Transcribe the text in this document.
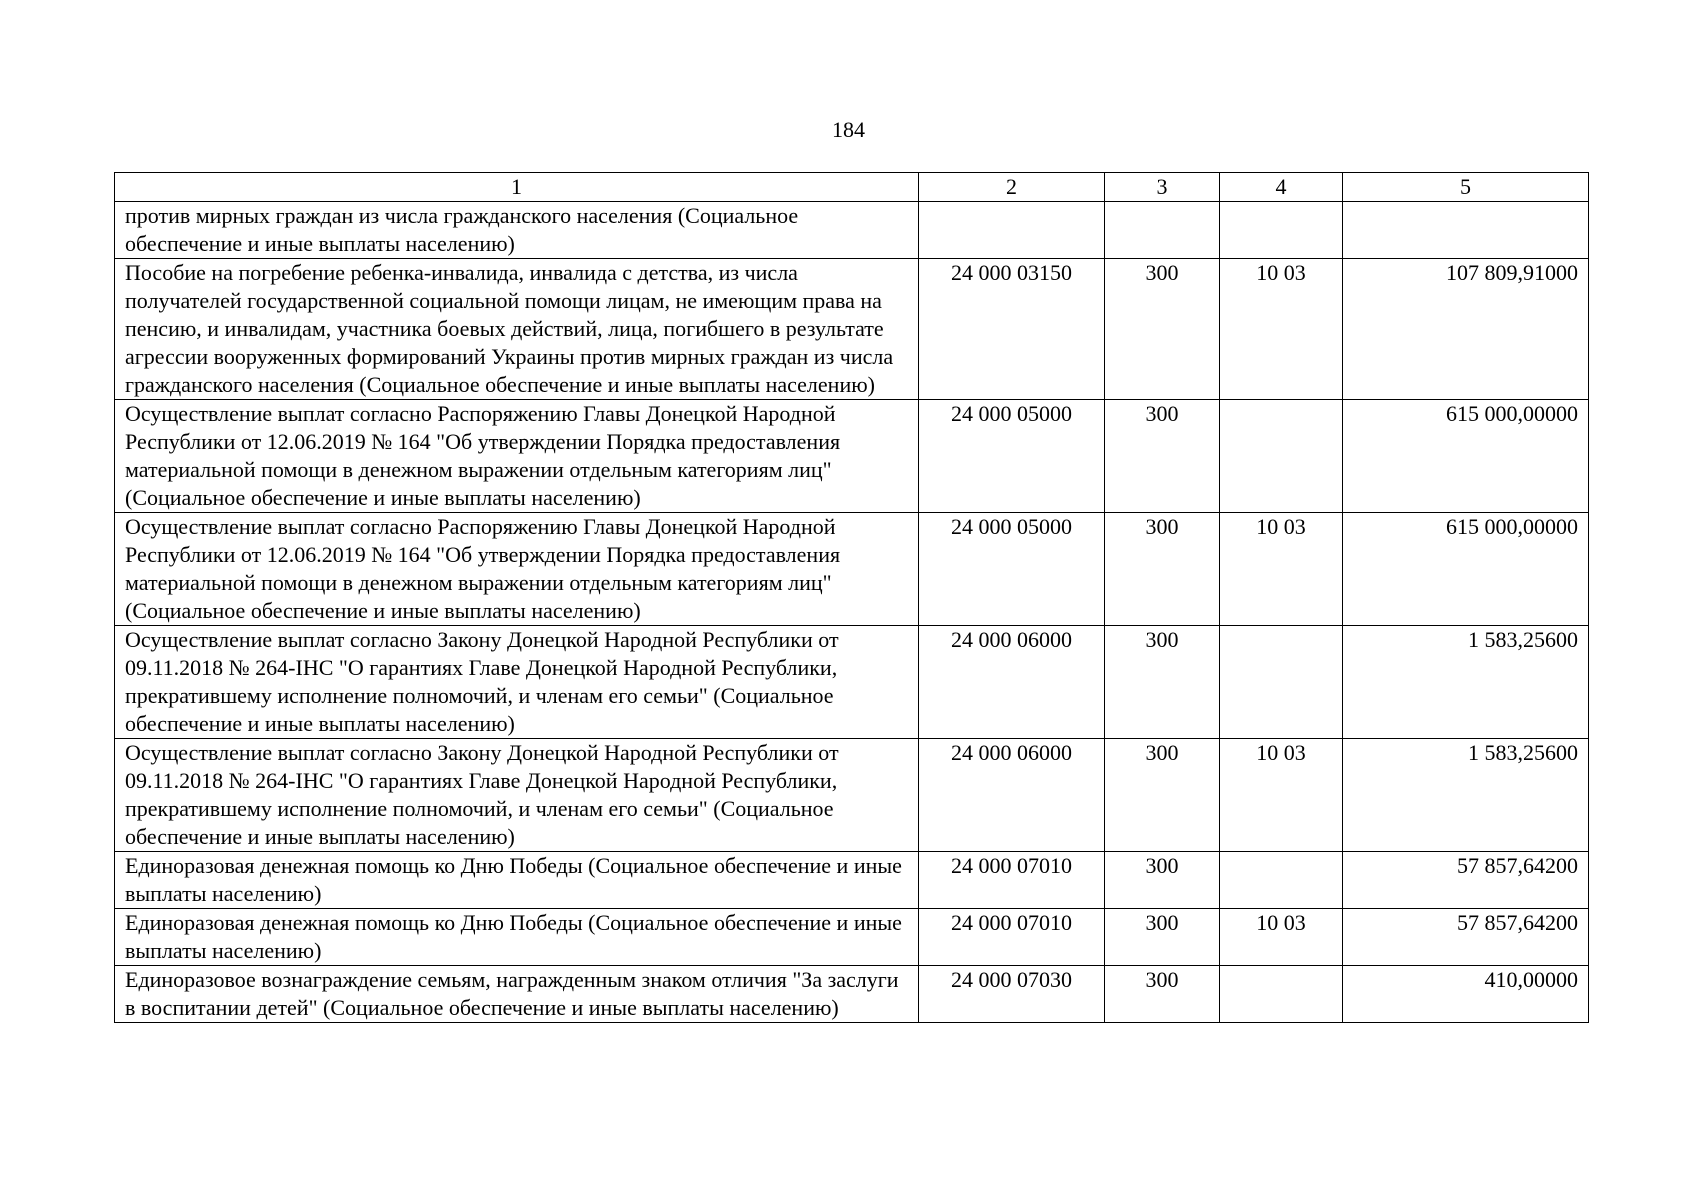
184
1	2	3	4	5
против мирных граждан из числа гражданского населения (Социальное обеспечение и иные выплаты населению)				
Пособие на погребение ребенка-инвалида, инвалида с детства, из числа получателей государственной социальной помощи лицам, не имеющим права на пенсию, и инвалидам, участника боевых действий, лица, погибшего в результате агрессии вооруженных формирований Украины против мирных граждан из числа гражданского населения (Социальное обеспечение и иные выплаты населению)	24 000 03150	300	10 03	107 809,91000
Осуществление выплат согласно Распоряжению Главы Донецкой Народной Республики от 12.06.2019 № 164 "Об утверждении Порядка предоставления материальной помощи в денежном выражении отдельным категориям лиц" (Социальное обеспечение и иные выплаты населению)	24 000 05000	300		615 000,00000
Осуществление выплат согласно Распоряжению Главы Донецкой Народной Республики от 12.06.2019 № 164 "Об утверждении Порядка предоставления материальной помощи в денежном выражении отдельным категориям лиц" (Социальное обеспечение и иные выплаты населению)	24 000 05000	300	10 03	615 000,00000
Осуществление выплат согласно Закону Донецкой Народной Республики от 09.11.2018 № 264-IНС "О гарантиях Главе Донецкой Народной Республики, прекратившему исполнение полномочий, и членам его семьи" (Социальное обеспечение и иные выплаты населению)	24 000 06000	300		1 583,25600
Осуществление выплат согласно Закону Донецкой Народной Республики от 09.11.2018 № 264-IНС "О гарантиях Главе Донецкой Народной Республики, прекратившему исполнение полномочий, и членам его семьи" (Социальное обеспечение и иные выплаты населению)	24 000 06000	300	10 03	1 583,25600
Единоразовая денежная помощь ко Дню Победы (Социальное обеспечение и иные выплаты населению)	24 000 07010	300		57 857,64200
Единоразовая денежная помощь ко Дню Победы (Социальное обеспечение и иные выплаты населению)	24 000 07010	300	10 03	57 857,64200
Единоразовое вознаграждение семьям, награжденным знаком отличия "За заслуги в воспитании детей" (Социальное обеспечение и иные выплаты населению)	24 000 07030	300		410,00000
